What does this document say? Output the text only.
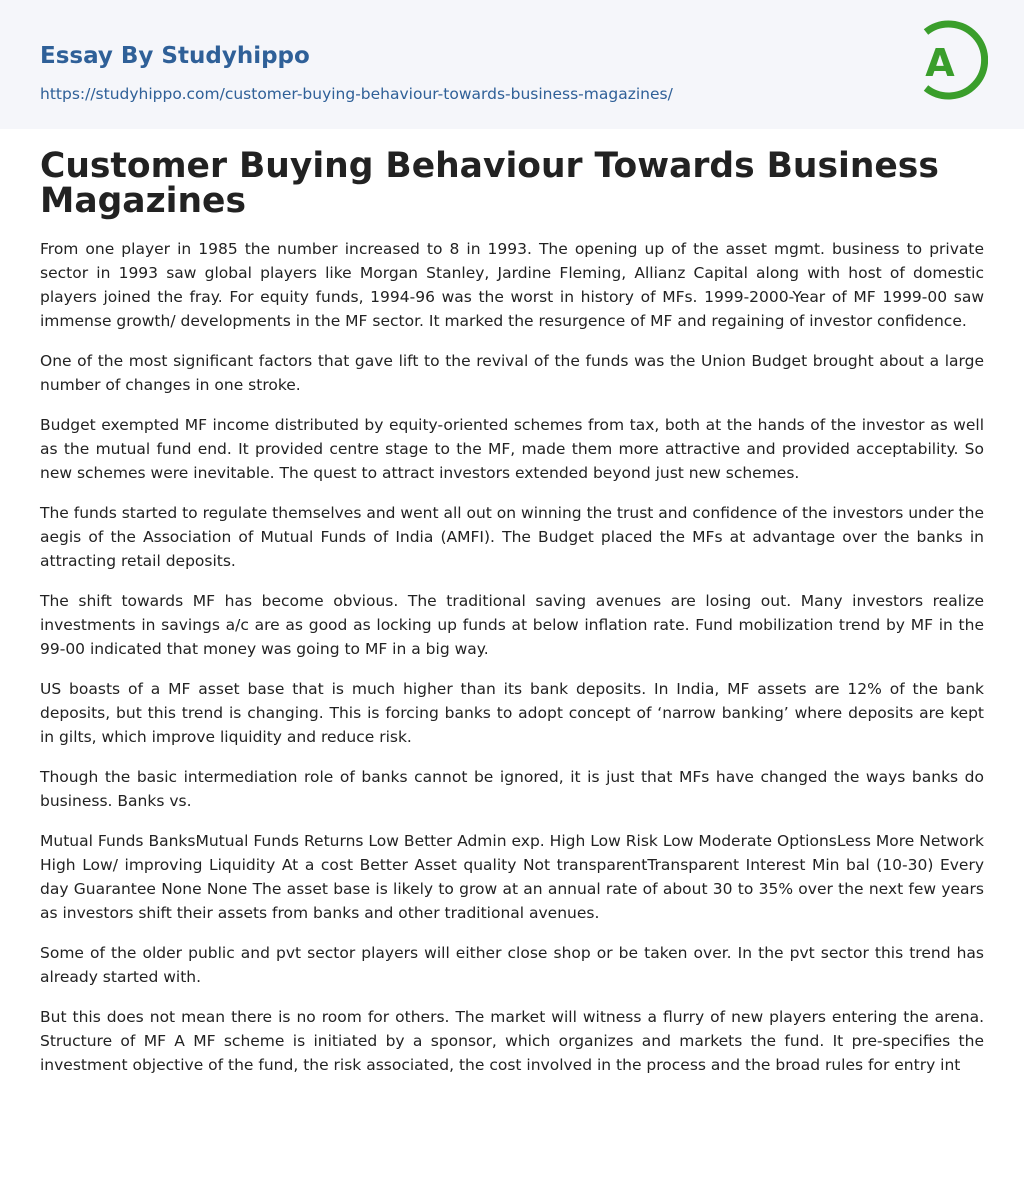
Essay By Studyhippo
https://studyhippo.com/customer-buying-behaviour-towards-business-magazines/
A
Customer Buying Behaviour Towards Business Magazines

From one player in 1985 the number increased to 8 in 1993. The opening up of the asset mgmt. business to private sector in 1993 saw global players like Morgan Stanley, Jardine Fleming, Allianz Capital along with host of domestic players joined the fray. For equity funds, 1994-96 was the worst in history of MFs. 1999-2000-Year of MF 1999-00 saw immense growth/ developments in the MF sector. It marked the resurgence of MF and regaining of investor confidence.

One of the most significant factors that gave lift to the revival of the funds was the Union Budget brought about a large number of changes in one stroke.

Budget exempted MF income distributed by equity-oriented schemes from tax, both at the hands of the investor as well as the mutual fund end. It provided centre stage to the MF, made them more attractive and provided acceptability. So new schemes were inevitable. The quest to attract investors extended beyond just new schemes.

The funds started to regulate themselves and went all out on winning the trust and confidence of the investors under the aegis of the Association of Mutual Funds of India (AMFI). The Budget placed the MFs at advantage over the banks in attracting retail deposits.

The shift towards MF has become obvious. The traditional saving avenues are losing out. Many investors realize investments in savings a/c are as good as locking up funds at below inflation rate. Fund mobilization trend by MF in the 99-00 indicated that money was going to MF in a big way.

US boasts of a MF asset base that is much higher than its bank deposits. In India, MF assets are 12% of the bank deposits, but this trend is changing. This is forcing banks to adopt concept of ‘narrow banking’ where deposits are kept in gilts, which improve liquidity and reduce risk.

Though the basic intermediation role of banks cannot be ignored, it is just that MFs have changed the ways banks do business. Banks vs.

Mutual Funds BanksMutual Funds Returns Low Better Admin exp. High Low Risk Low Moderate OptionsLess More Network High Low/ improving Liquidity At a cost Better Asset quality Not transparentTransparent Interest Min bal (10-30) Every day Guarantee None None The asset base is likely to grow at an annual rate of about 30 to 35% over the next few years as investors shift their assets from banks and other traditional avenues.

Some of the older public and pvt sector players will either close shop or be taken over. In the pvt sector this trend has already started with.

But this does not mean there is no room for others. The market will witness a flurry of new players entering the arena. Structure of MF A MF scheme is initiated by a sponsor, which organizes and markets the fund. It pre-specifies the investment objective of the fund, the risk associated, the cost involved in the process and the broad rules for entry int
